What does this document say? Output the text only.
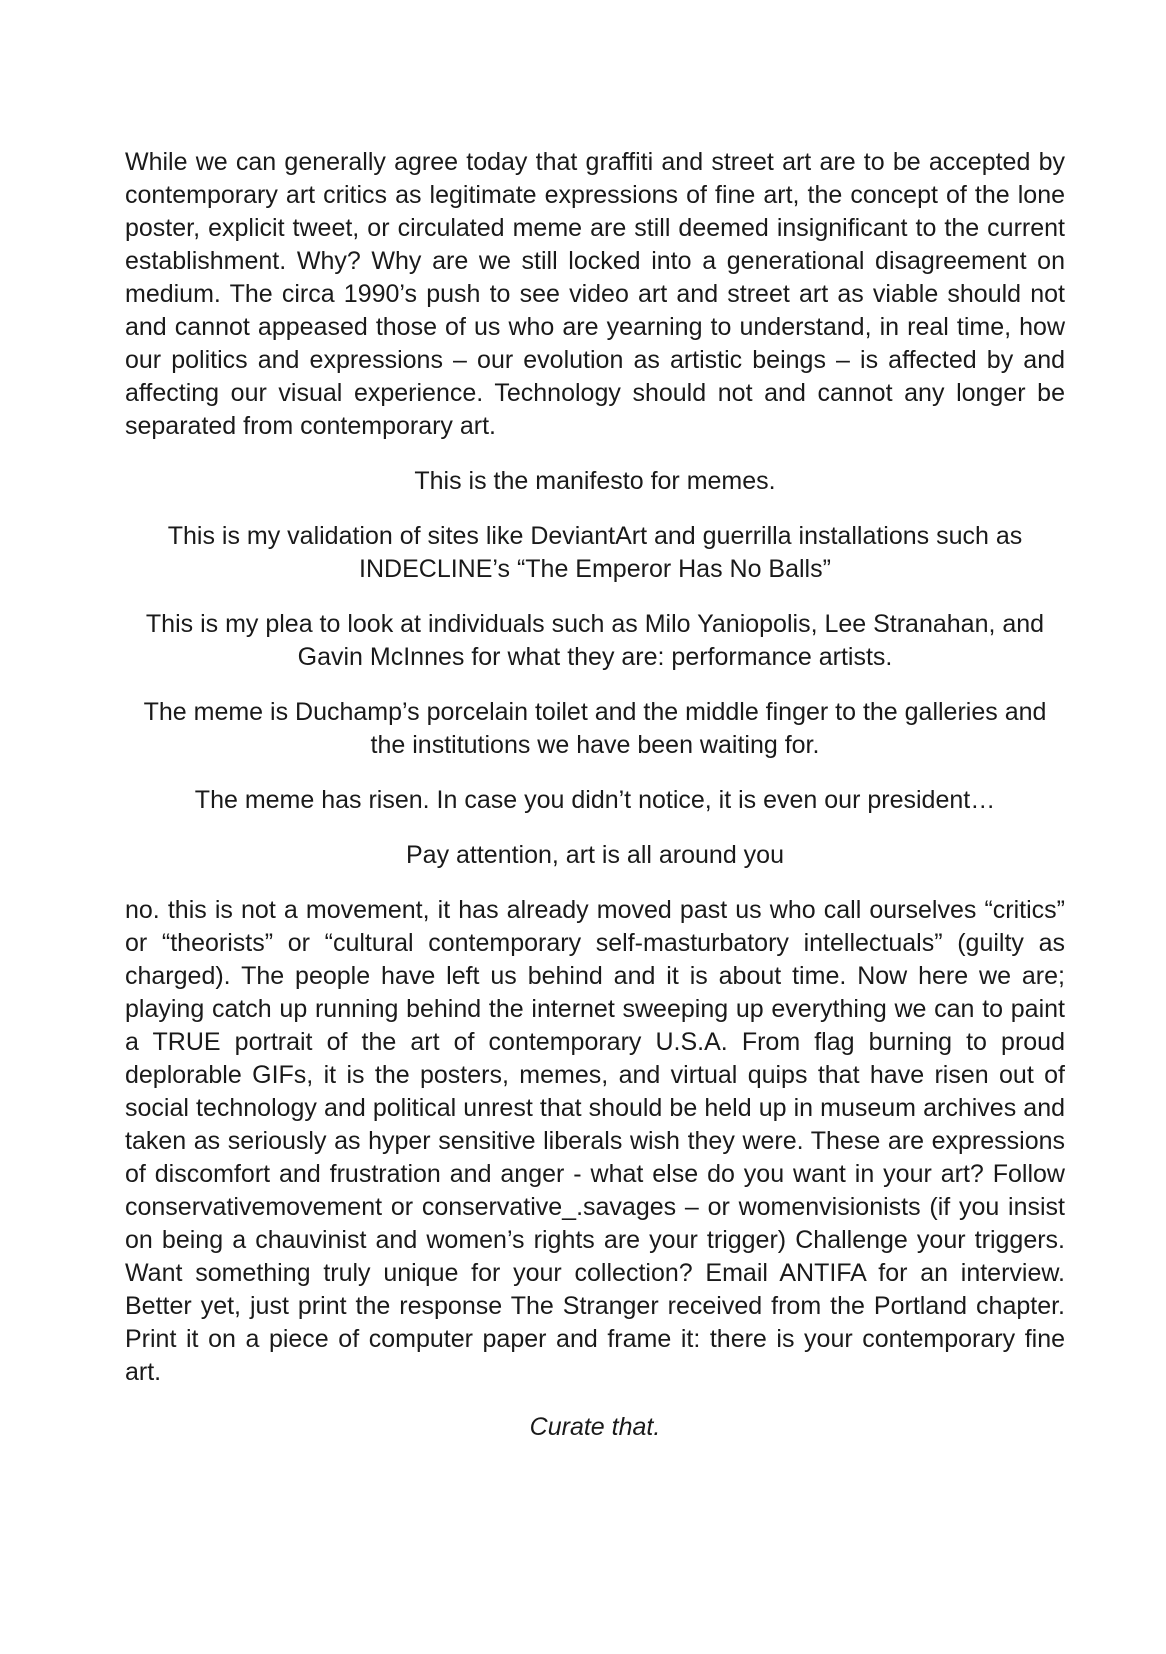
While we can generally agree today that graffiti and street art are to be accepted by contemporary art critics as legitimate expressions of fine art, the concept of the lone poster, explicit tweet, or circulated meme are still deemed insignificant to the current establishment. Why? Why are we still locked into a generational disagreement on medium. The circa 1990’s push to see video art and street art as viable should not and cannot appeased those of us who are yearning to understand, in real time, how our politics and expressions – our evolution as artistic beings – is affected by and affecting our visual experience. Technology should not and cannot any longer be separated from contemporary art.

This is the manifesto for memes.

This is my validation of sites like DeviantArt and guerrilla installations such as INDECLINE’s “The Emperor Has No Balls”

This is my plea to look at individuals such as Milo Yaniopolis, Lee Stranahan, and Gavin McInnes for what they are: performance artists.

The meme is Duchamp’s porcelain toilet and the middle finger to the galleries and the institutions we have been waiting for.

The meme has risen. In case you didn’t notice, it is even our president…

Pay attention, art is all around you

no. this is not a movement, it has already moved past us who call ourselves “critics” or “theorists” or “cultural contemporary self-masturbatory intellectuals” (guilty as charged). The people have left us behind and it is about time. Now here we are; playing catch up running behind the internet sweeping up everything we can to paint a TRUE portrait of the art of contemporary U.S.A. From flag burning to proud deplorable GIFs, it is the posters, memes, and virtual quips that have risen out of social technology and political unrest that should be held up in museum archives and taken as seriously as hyper sensitive liberals wish they were. These are expressions of discomfort and frustration and anger - what else do you want in your art? Follow conservativemovement or conservative_.savages – or womenvisionists (if you insist on being a chauvinist and women’s rights are your trigger) Challenge your triggers. Want something truly unique for your collection? Email ANTIFA for an interview. Better yet, just print the response The Stranger received from the Portland chapter. Print it on a piece of computer paper and frame it: there is your contemporary fine art.

Curate that.
